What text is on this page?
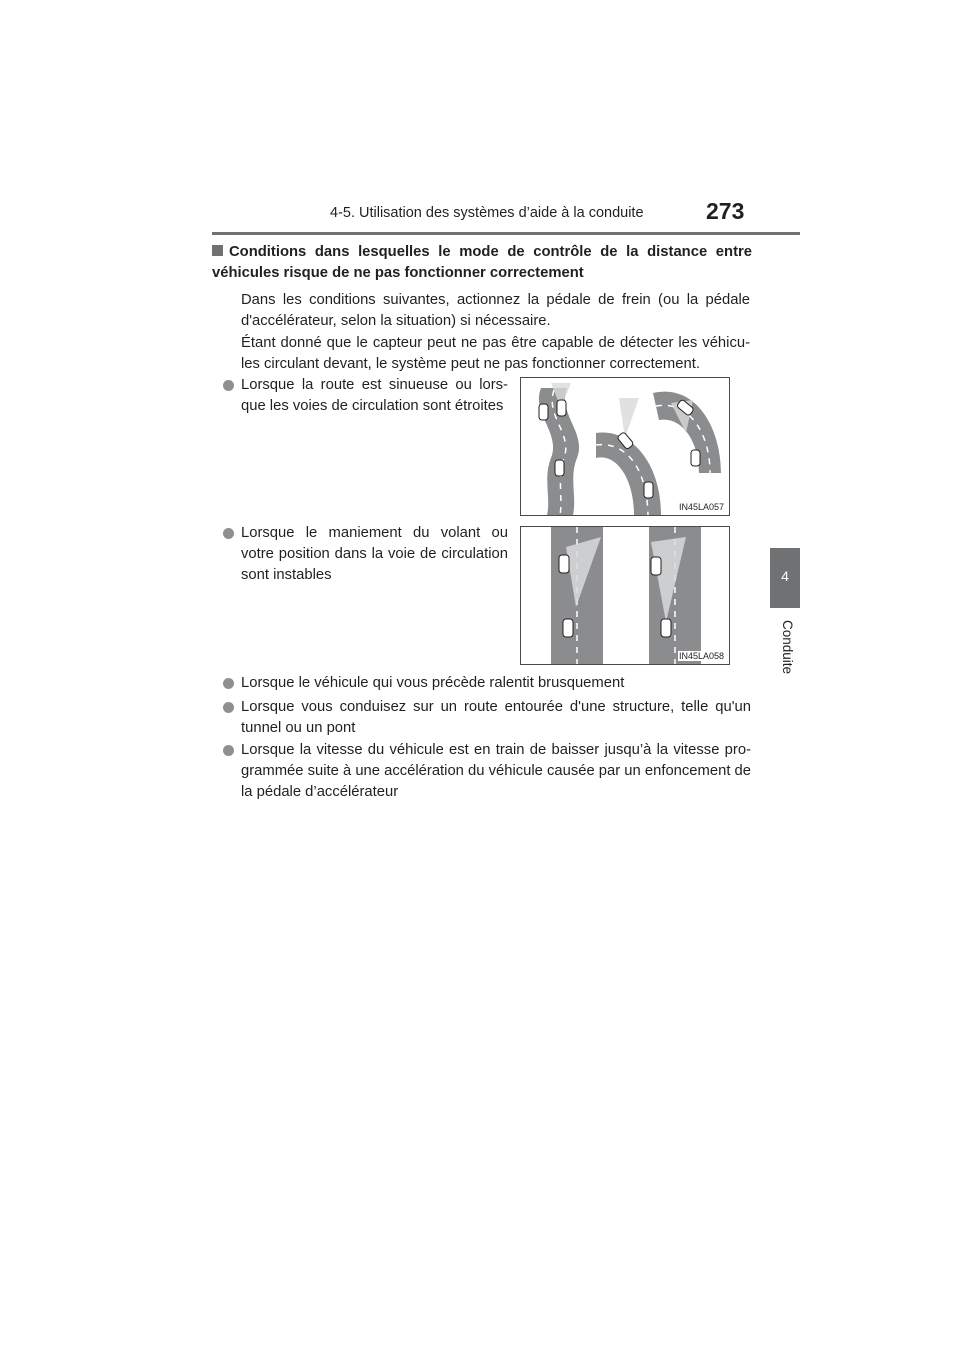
4-5. Utilisation des systèmes d’aide à la conduite	273
4
Conduite
Conditions dans lesquelles le mode de contrôle de la distance entre véhicules risque de ne pas fonctionner correctement
Dans les conditions suivantes, actionnez la pédale de frein (ou la pédale d'accélérateur, selon la situation) si nécessaire.
Étant donné que le capteur peut ne pas être capable de détecter les véhicu-les circulant devant, le système peut ne pas fonctionner correctement.
Lorsque la route est sinueuse ou lors-que les voies de circulation sont étroites
IN45LA057
Lorsque le maniement du volant ou votre position dans la voie de circulation sont instables
IN45LA058
Lorsque le véhicule qui vous précède ralentit brusquement
Lorsque vous conduisez sur un route entourée d'une structure, telle qu'un tunnel ou un pont
Lorsque la vitesse du véhicule est en train de baisser jusqu’à la vitesse pro-grammée suite à une accélération du véhicule causée par un enfoncement de la pédale d’accélérateur
